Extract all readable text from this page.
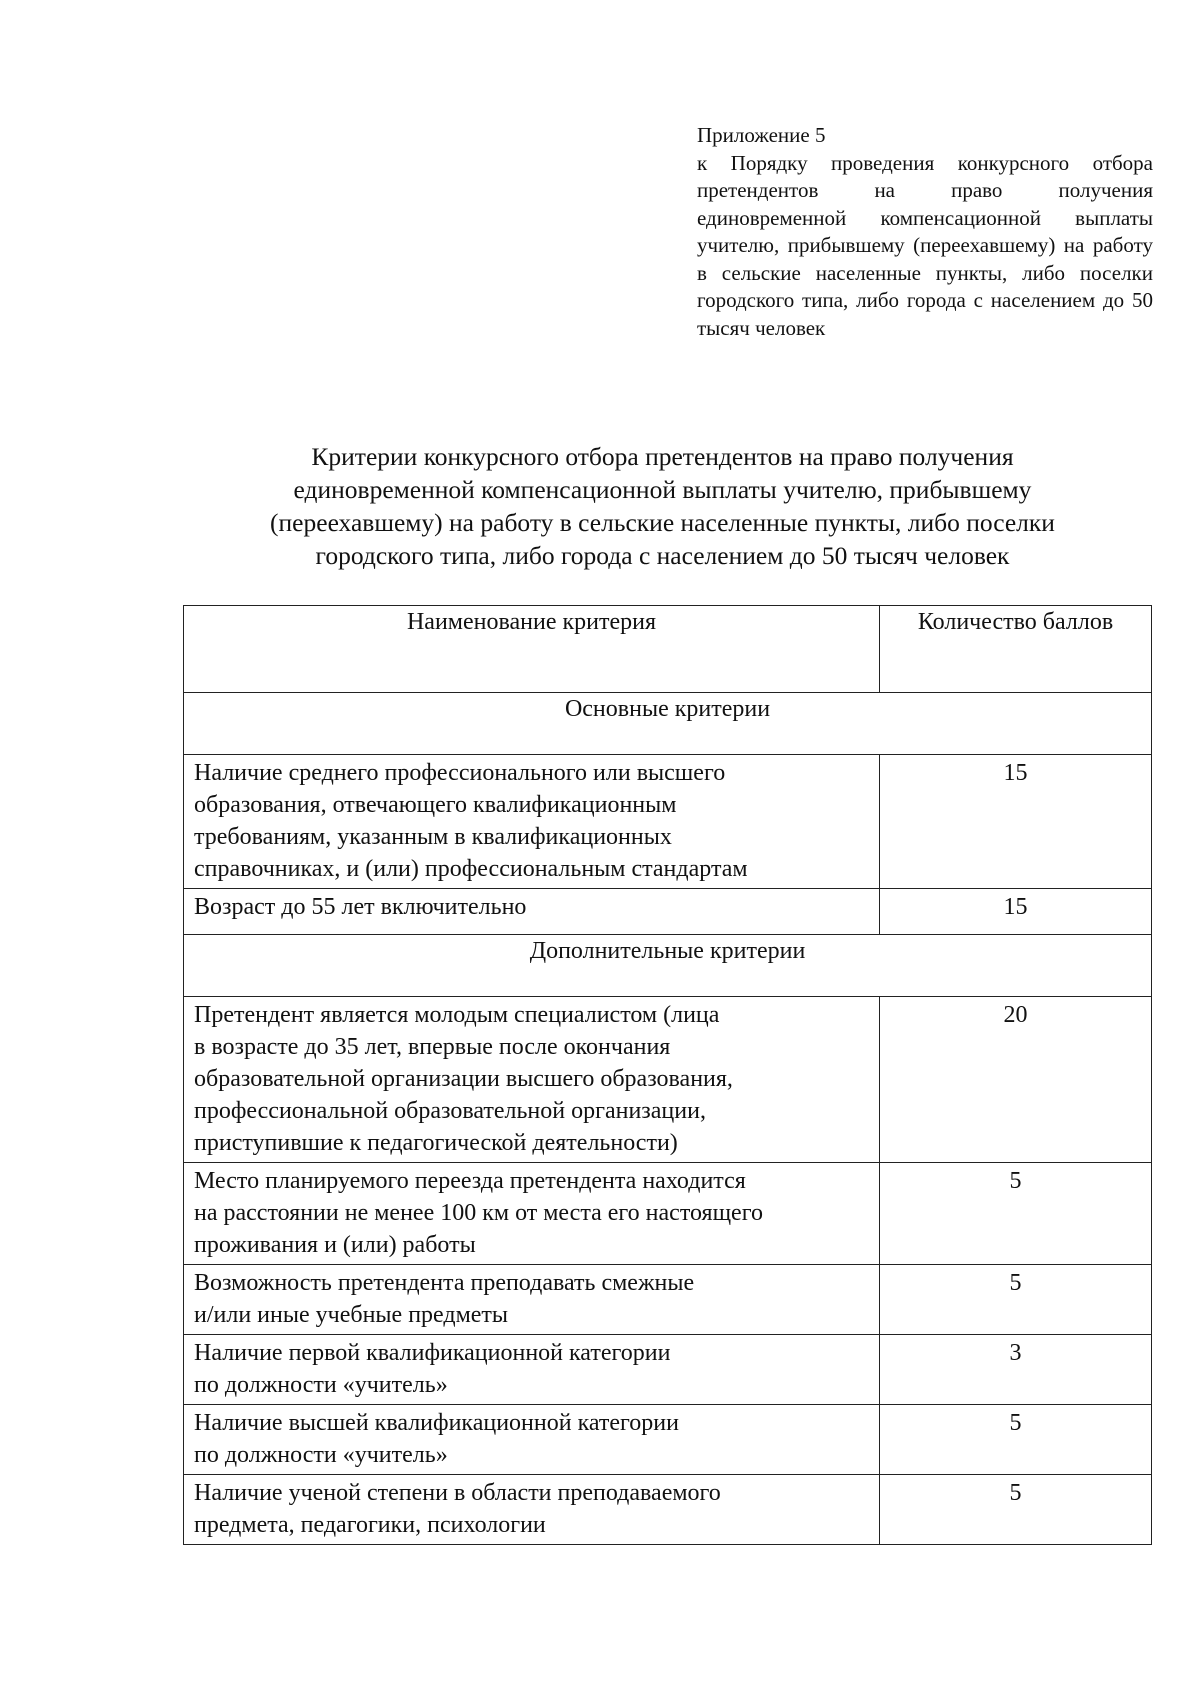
Приложение 5
к Порядку проведения конкурсного отбора претендентов на право получения единовременной компенсационной выплаты учителю, прибывшему (переехавшему) на работу в сельские населенные пункты, либо поселки городского типа, либо города с населением до 50 тысяч человек
Критерии конкурсного отбора претендентов на право получения
единовременной компенсационной выплаты учителю, прибывшему
(переехавшему) на работу в сельские населенные пункты, либо поселки
городского типа, либо города с населением до 50 тысяч человек
Наименование критерия	Количество баллов
Основные критерии	

Наличие среднего профессионального или высшего
образования, отвечающего квалификационным
требованиям, указанным в квалификационных
справочниках, и (или) профессиональным стандартам	15

Возраст до 55 лет включительно	15
Дополнительные критерии	

Претендент является молодым специалистом (лица
в возрасте до 35 лет, впервые после окончания
образовательной организации высшего образования,
профессиональной образовательной организации,
приступившие к педагогической деятельности)	20

Место планируемого переезда претендента находится
на расстоянии не менее 100 км от места его настоящего
проживания и (или) работы	5

Возможность претендента преподавать смежные
и/или иные учебные предметы	5

Наличие первой квалификационной категории
по должности «учитель»	3

Наличие высшей квалификационной категории
по должности «учитель»	5

Наличие ученой степени в области преподаваемого
предмета, педагогики, психологии	5
